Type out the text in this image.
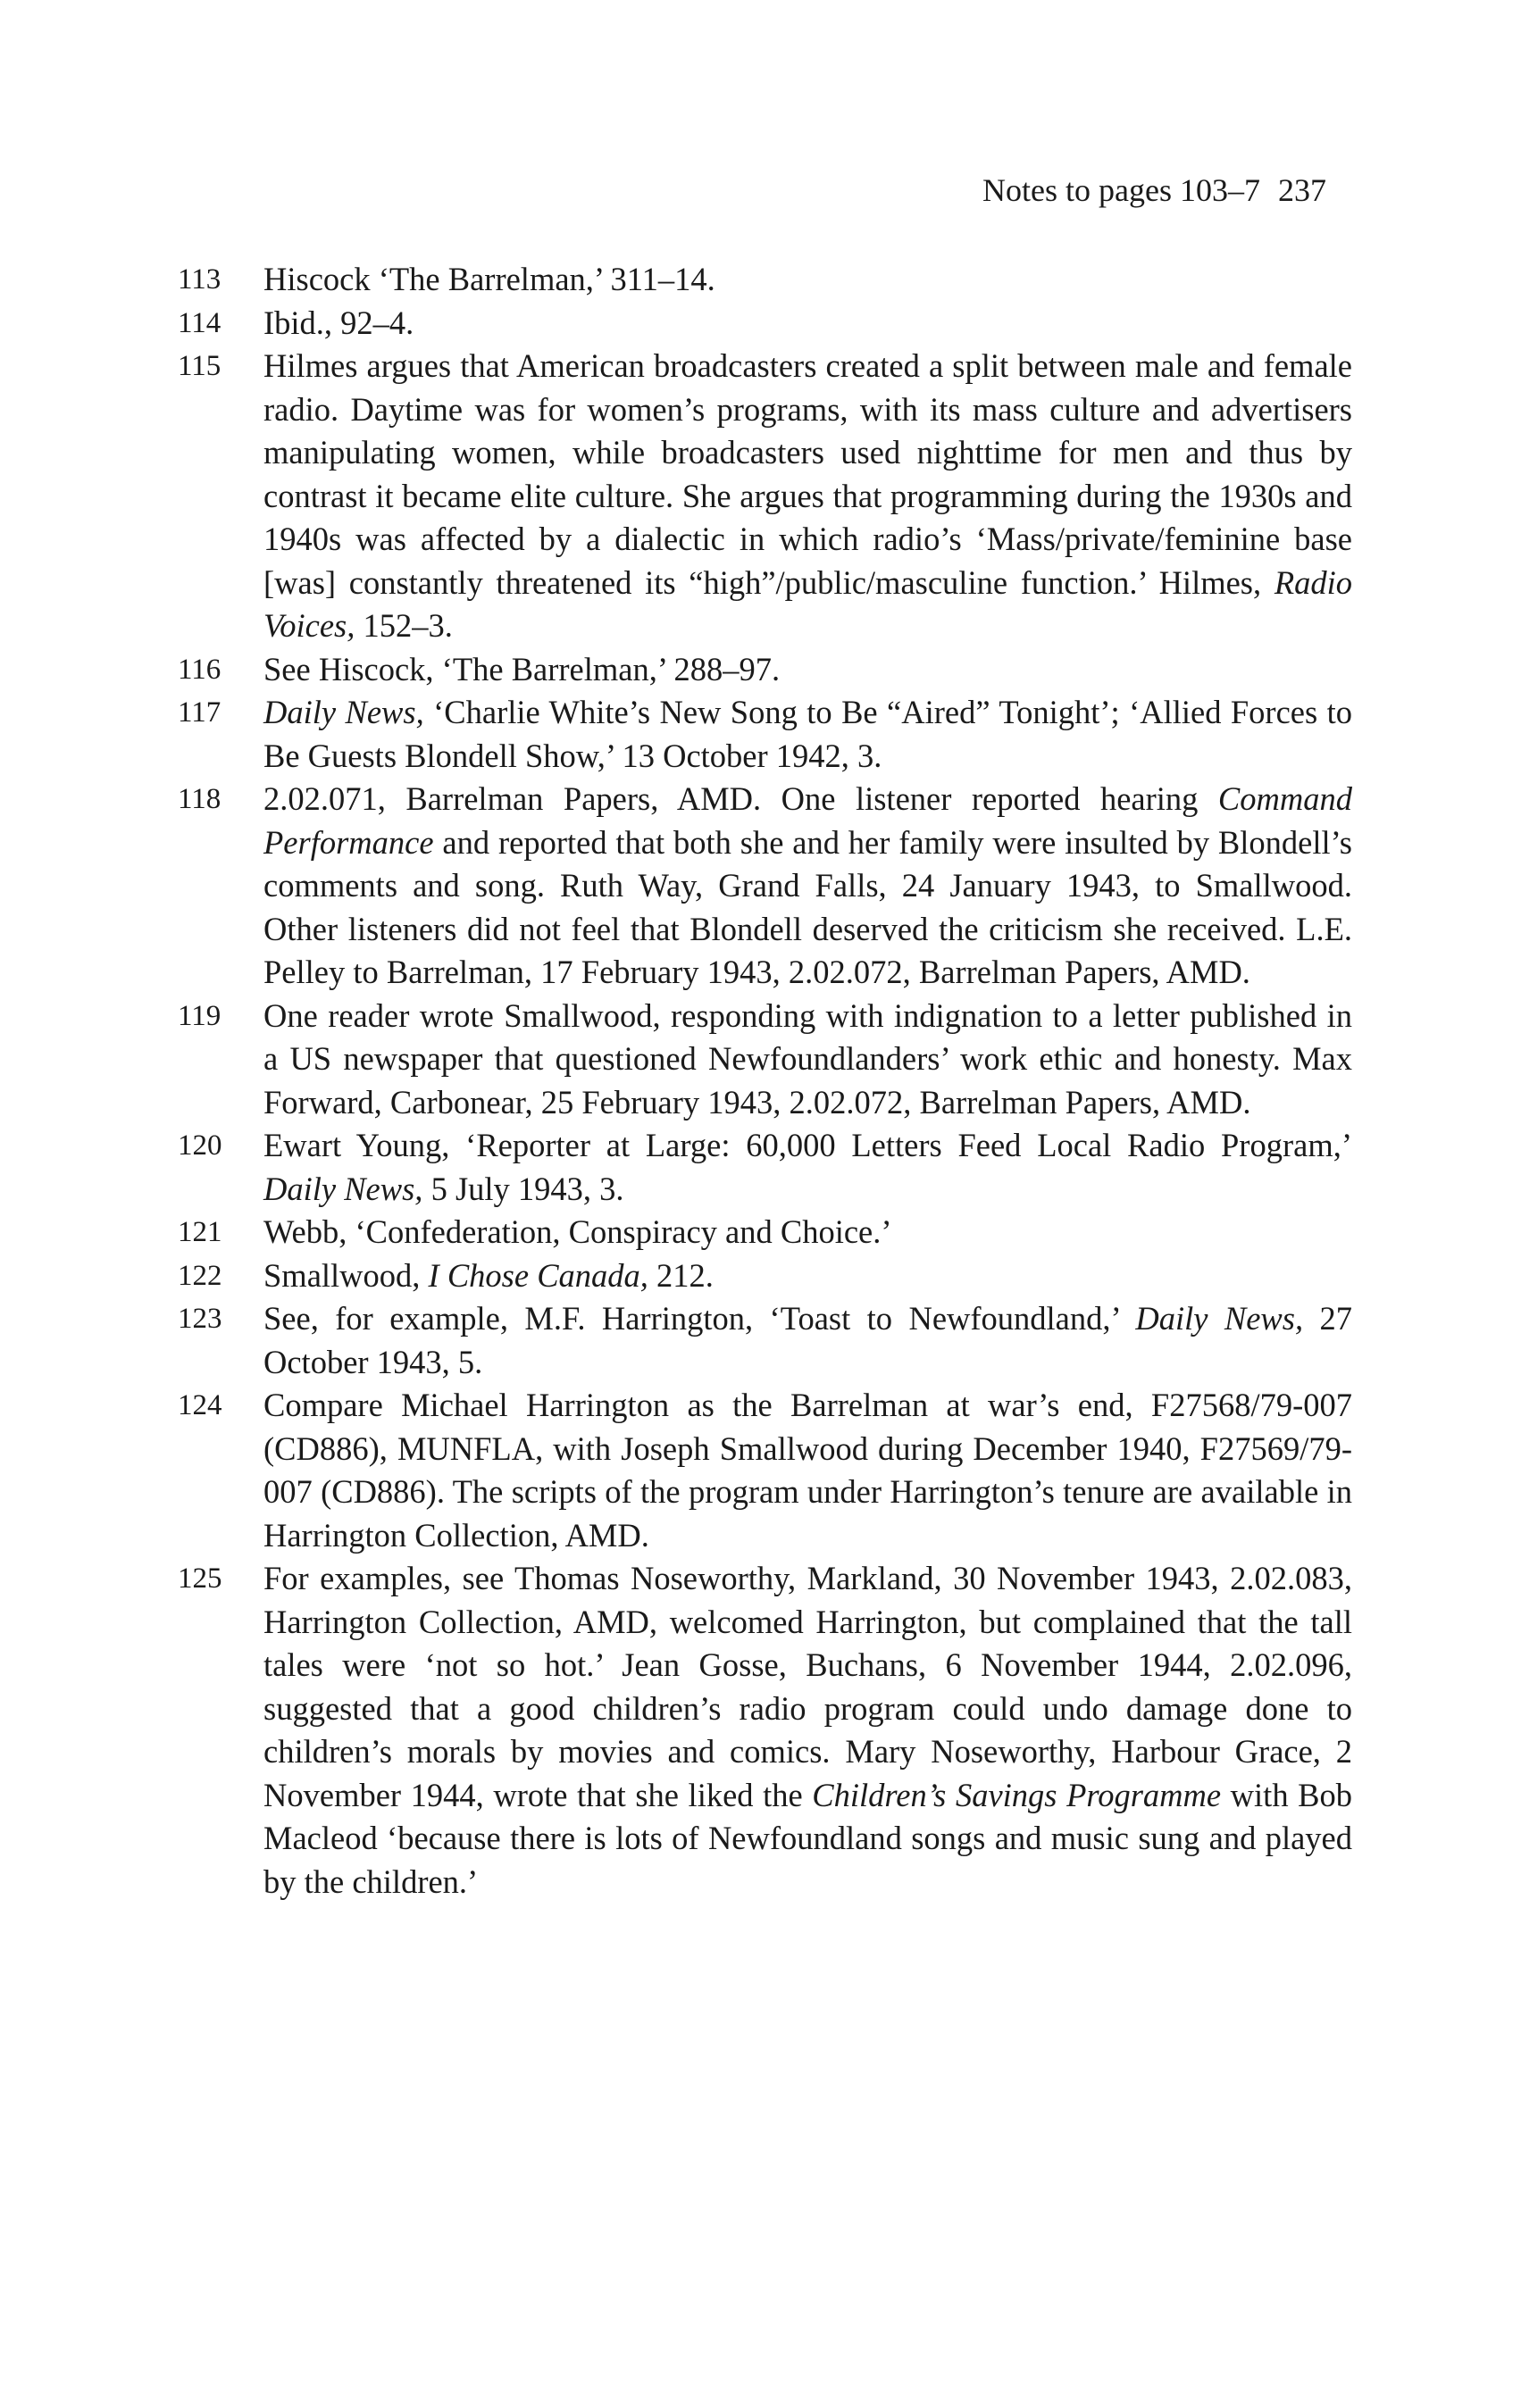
Notes to pages 103–7 237
113	Hiscock ‘The Barrelman,’ 311–14.
114	Ibid., 92–4.
115	Hilmes argues that American broadcasters created a split between male and female radio. Daytime was for women’s programs, with its mass culture and advertisers manipulating women, while broadcasters used nighttime for men and thus by contrast it became elite culture. She argues that programming during the 1930s and 1940s was affected by a dialectic in which radio’s ‘Mass/private/feminine base [was] constantly threatened its “high”/public/masculine function.’ Hilmes, Radio Voices, 152–3.
116	See Hiscock, ‘The Barrelman,’ 288–97.
117	Daily News, ‘Charlie White’s New Song to Be “Aired” Tonight’; ‘Allied Forces to Be Guests Blondell Show,’ 13 October 1942, 3.
118	2.02.071, Barrelman Papers, AMD. One listener reported hearing Command Performance and reported that both she and her family were insulted by Blondell’s comments and song. Ruth Way, Grand Falls, 24 January 1943, to Smallwood. Other listeners did not feel that Blondell deserved the criticism she received. L.E. Pelley to Barrelman, 17 February 1943, 2.02.072, Barrelman Papers, AMD.
119	One reader wrote Smallwood, responding with indignation to a letter published in a US newspaper that questioned Newfoundlanders’ work ethic and honesty. Max Forward, Carbonear, 25 February 1943, 2.02.072, Barrelman Papers, AMD.
120	Ewart Young, ‘Reporter at Large: 60,000 Letters Feed Local Radio Program,’ Daily News, 5 July 1943, 3.
121	Webb, ‘Confederation, Conspiracy and Choice.’
122	Smallwood, I Chose Canada, 212.
123	See, for example, M.F. Harrington, ‘Toast to Newfoundland,’ Daily News, 27 October 1943, 5.
124	Compare Michael Harrington as the Barrelman at war’s end, F27568/79-007 (CD886), MUNFLA, with Joseph Smallwood during December 1940, F27569/79-007 (CD886). The scripts of the program under Harrington’s tenure are available in Harrington Collection, AMD.
125	For examples, see Thomas Noseworthy, Markland, 30 November 1943, 2.02.083, Harrington Collection, AMD, welcomed Harrington, but complained that the tall tales were ‘not so hot.’ Jean Gosse, Buchans, 6 November 1944, 2.02.096, suggested that a good children’s radio program could undo damage done to children’s morals by movies and comics. Mary Noseworthy, Harbour Grace, 2 November 1944, wrote that she liked the Children’s Savings Programme with Bob Macleod ‘because there is lots of Newfoundland songs and music sung and played by the children.’
